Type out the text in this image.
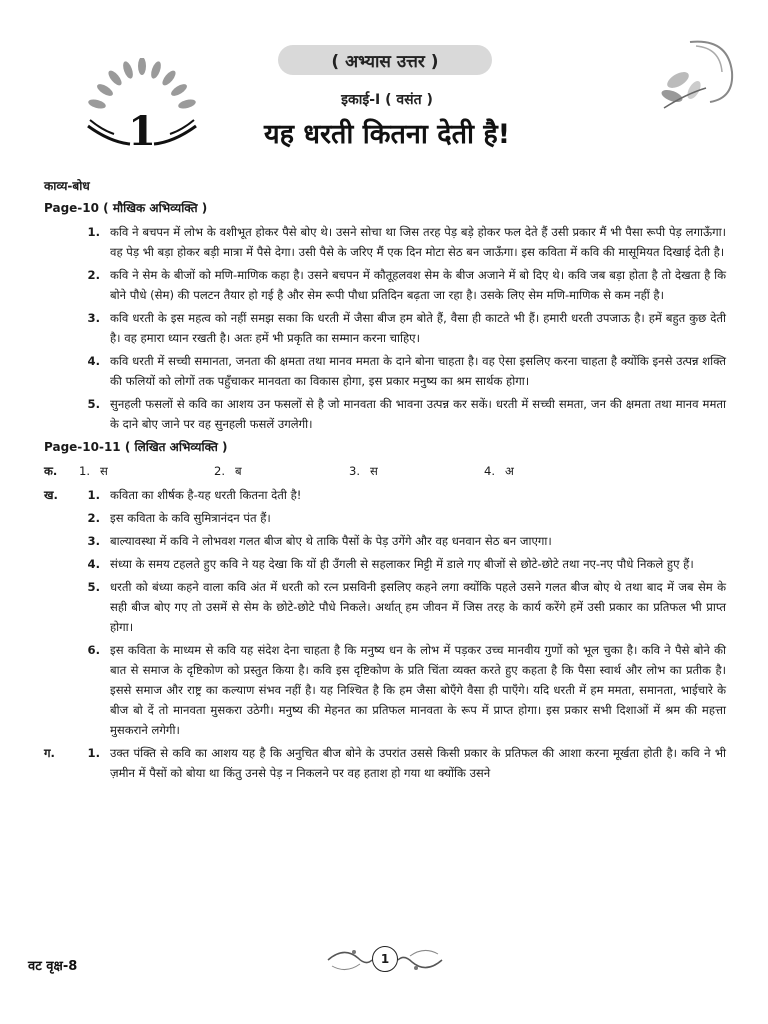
( अभ्यास उत्तर )
1
इकाई-I ( वसंत )
यह धरती कितना देती है!
काव्य-बोध
Page-10 ( मौखिक अभिव्यक्ति )
1. कवि ने बचपन में लोभ के वशीभूत होकर पैसे बोए थे। उसने सोचा था जिस तरह पेड़ बड़े होकर फल देते हैं उसी प्रकार मैं भी पैसा रूपी पेड़ लगाऊँगा। वह पेड़ भी बड़ा होकर बड़ी मात्रा में पैसे देगा। उसी पैसे के जरिए मैं एक दिन मोटा सेठ बन जाऊँगा। इस कविता में कवि की मासूमियत दिखाई देती है।
2. कवि ने सेम के बीजों को मणि-माणिक कहा है। उसने बचपन में कौतूहलवश सेम के बीज अजाने में बो दिए थे। कवि जब बड़ा होता है तो देखता है कि बोने पौधे (सेम) की पलटन तैयार हो गई है और सेम रूपी पौधा प्रतिदिन बढ़ता जा रहा है। उसके लिए सेम मणि-माणिक से कम नहीं है।
3. कवि धरती के इस महत्व को नहीं समझ सका कि धरती में जैसा बीज हम बोते हैं, वैसा ही काटते भी हैं। हमारी धरती उपजाऊ है। हमें बहुत कुछ देती है। वह हमारा ध्यान रखती है। अतः हमें भी प्रकृति का सम्मान करना चाहिए।
4. कवि धरती में सच्ची समानता, जनता की क्षमता तथा मानव ममता के दाने बोना चाहता है। वह ऐसा इसलिए करना चाहता है क्योंकि इनसे उत्पन्न शक्ति की फलियों को लोगों तक पहुँचाकर मानवता का विकास होगा, इस प्रकार मनुष्य का श्रम सार्थक होगा।
5. सुनहली फसलों से कवि का आशय उन फसलों से है जो मानवता की भावना उत्पन्न कर सकें। धरती में सच्ची समता, जन की क्षमता तथा मानव ममता के दाने बोए जाने पर वह सुनहली फसलें उगलेगी।
Page-10-11 ( लिखित अभिव्यक्ति )
क.	1. स	2. ब	3. स	4. अ
ख.	1. कविता का शीर्षक है-यह धरती कितना देती है!
2. इस कविता के कवि सुमित्रानंदन पंत हैं।
3. बाल्यावस्था में कवि ने लोभवश गलत बीज बोए थे ताकि पैसों के पेड़ उगेंगे और वह धनवान सेठ बन जाएगा।
4. संध्या के समय टहलते हुए कवि ने यह देखा कि यों ही उँगली से सहलाकर मिट्टी में डाले गए बीजों से छोटे-छोटे तथा नए-नए पौधे निकले हुए हैं।
5. धरती को बंध्या कहने वाला कवि अंत में धरती को रत्न प्रसविनी इसलिए कहने लगा क्योंकि पहले उसने गलत बीज बोए थे तथा बाद में जब सेम के सही बीज बोए गए तो उसमें से सेम के छोटे-छोटे पौधे निकले। अर्थात् हम जीवन में जिस तरह के कार्य करेंगे हमें उसी प्रकार का प्रतिफल भी प्राप्त होगा।
6. इस कविता के माध्यम से कवि यह संदेश देना चाहता है कि मनुष्य धन के लोभ में पड़कर उच्च मानवीय गुणों को भूल चुका है। कवि ने पैसे बोने की बात से समाज के दृष्टिकोण को प्रस्तुत किया है। कवि इस दृष्टिकोण के प्रति चिंता व्यक्त करते हुए कहता है कि पैसा स्वार्थ और लोभ का प्रतीक है। इससे समाज और राष्ट्र का कल्याण संभव नहीं है। यह निश्चित है कि हम जैसा बोएँगे वैसा ही पाएँगे। यदि धरती में हम ममता, समानता, भाईचारे के बीज बो दें तो मानवता मुसकरा उठेगी। मनुष्य की मेहनत का प्रतिफल मानवता के रूप में प्राप्त होगा। इस प्रकार सभी दिशाओं में श्रम की महत्ता मुसकराने लगेगी।
ग.	1. उक्त पंक्ति से कवि का आशय यह है कि अनुचित बीज बोने के उपरांत उससे किसी प्रकार के प्रतिफल की आशा करना मूर्खता होती है। कवि ने भी ज़मीन में पैसों को बोया था किंतु उनसे पेड़ न निकलने पर वह हताश हो गया था क्योंकि उसने
वट वृक्ष-8	1
